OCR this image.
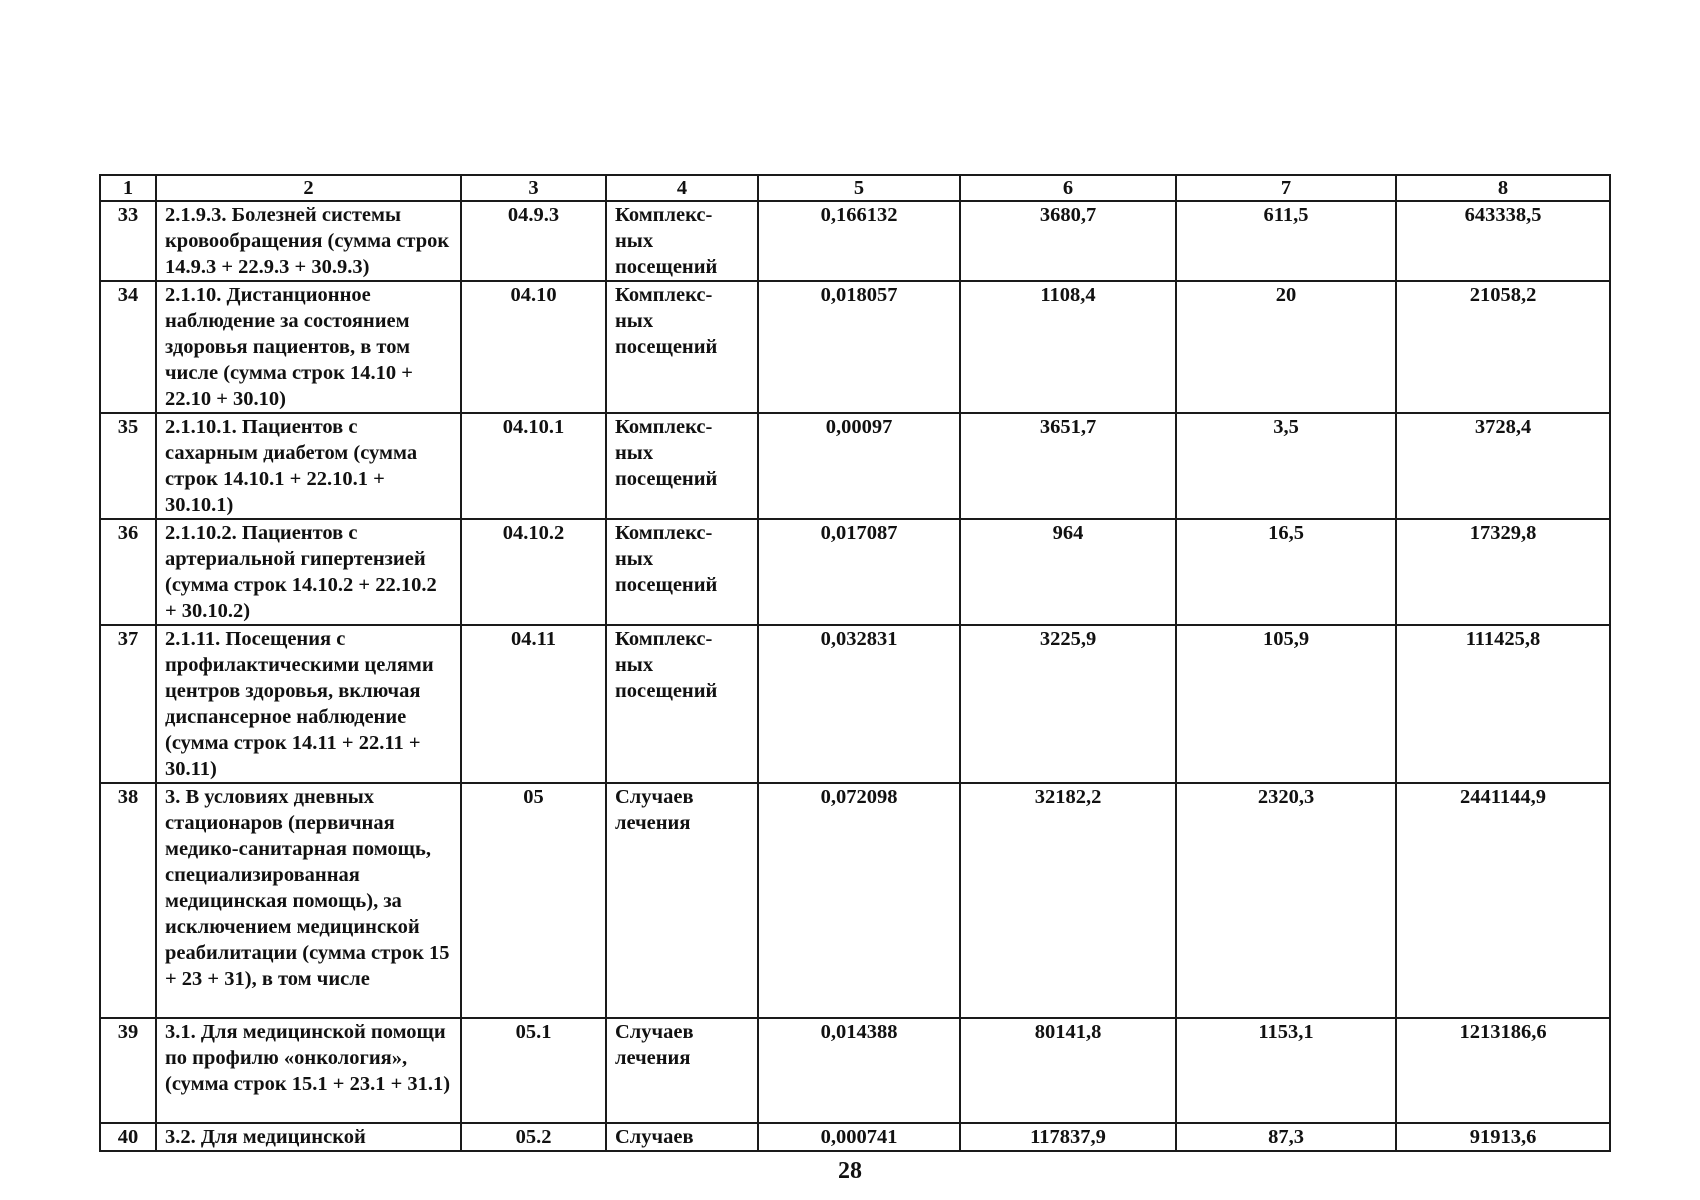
1	2	3	4	5	6	7	8
33	2.1.9.3. Болезней системы кровообращения (сумма строк 14.9.3 + 22.9.3 + 30.9.3)	04.9.3	Комплекс-ных посещений	0,166132	3680,7	611,5	643338,5
34	2.1.10. Дистанционное наблюдение за состоянием здоровья пациентов, в том числе (сумма строк 14.10 + 22.10 + 30.10)	04.10	Комплекс-ных посещений	0,018057	1108,4	20	21058,2
35	2.1.10.1. Пациентов с сахарным диабетом (сумма строк 14.10.1 + 22.10.1 + 30.10.1)	04.10.1	Комплекс-ных посещений	0,00097	3651,7	3,5	3728,4
36	2.1.10.2. Пациентов с артериальной гипертензией (сумма строк 14.10.2 + 22.10.2 + 30.10.2)	04.10.2	Комплекс-ных посещений	0,017087	964	16,5	17329,8
37	2.1.11. Посещения с профилактическими целями центров здоровья, включая диспансерное наблюдение (сумма строк 14.11 + 22.11 + 30.11)	04.11	Комплекс-ных посещений	0,032831	3225,9	105,9	111425,8
38	3. В условиях дневных стационаров (первичная медико-санитарная помощь, специализированная медицинская помощь), за исключением медицинской реабилитации (сумма строк 15 + 23 + 31), в том числе	05	Случаев лечения	0,072098	32182,2	2320,3	2441144,9
39	3.1. Для медицинской помощи по профилю «онкология», (сумма строк 15.1 + 23.1 + 31.1)	05.1	Случаев лечения	0,014388	80141,8	1153,1	1213186,6
40	3.2. Для медицинской	05.2	Случаев	0,000741	117837,9	87,3	91913,6
28
